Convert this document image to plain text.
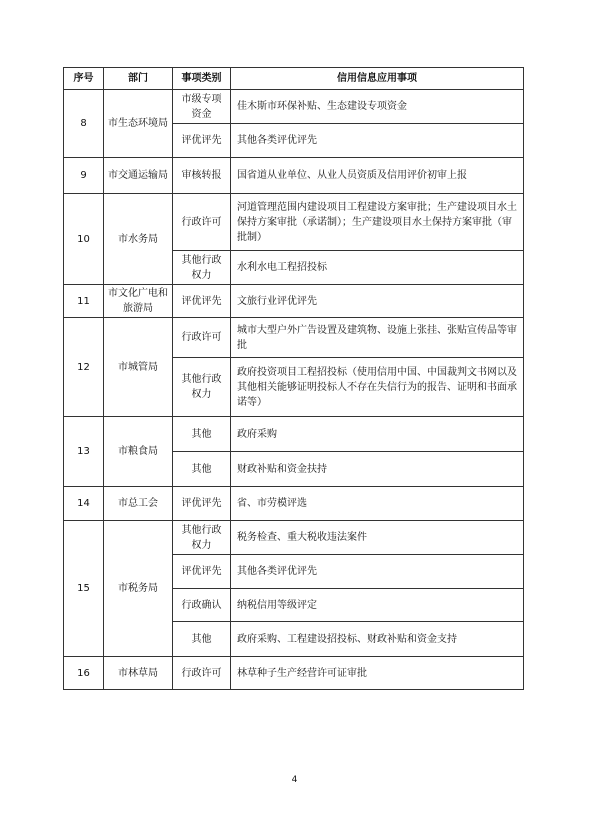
序号	部门	事项类别	信用信息应用事项
8	市生态环境局	市级专项资金	佳木斯市环保补贴、生态建设专项资金
		评优评先	其他各类评优评先
9	市交通运输局	审核转报	国省道从业单位、从业人员资质及信用评价初审上报
10	市水务局	行政许可	河道管理范围内建设项目工程建设方案审批；生产建设项目水土保持方案审批（承诺制）；生产建设项目水土保持方案审批（审批制）
		其他行政权力	水利水电工程招投标
11	市文化广电和旅游局	评优评先	文旅行业评优评先
12	市城管局	行政许可	城市大型户外广告设置及建筑物、设施上张挂、张贴宣传品等审批
		其他行政权力	政府投资项目工程招投标（使用信用中国、中国裁判文书网以及其他相关能够证明投标人不存在失信行为的报告、证明和书面承诺等）
13	市粮食局	其他	政府采购
		其他	财政补贴和资金扶持
14	市总工会	评优评先	省、市劳模评选
15	市税务局	其他行政权力	税务检查、重大税收违法案件
		评优评先	其他各类评优评先
		行政确认	纳税信用等级评定
		其他	政府采购、工程建设招投标、财政补贴和资金支持
16	市林草局	行政许可	林草种子生产经营许可证审批
4
